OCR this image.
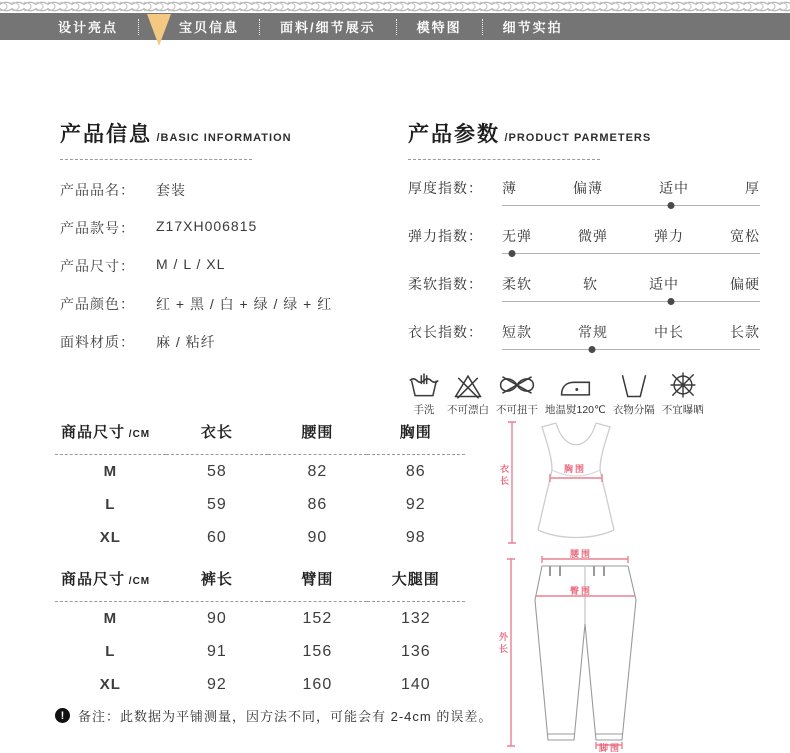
设计亮点	宝贝信息	面料/细节展示	模特图	细节实拍
产品信息 /BASIC INFORMATION
产品品名：	套装
产品款号：	Z17XH006815
产品尺寸：	M / L / XL
产品颜色：	红 + 黑 / 白 + 绿 / 绿 + 红
面料材质：	麻 / 粘纤
产品参数 /PRODUCT PARMETERS
厚度指数：	薄	偏薄	适中	厚
弹力指数：	无弹	微弹	弹力	宽松
柔软指数：	柔软	软	适中	偏硬
衣长指数：	短款	常规	中长	长款
手洗	不可漂白 不可扭干 地温熨120℃ 衣物分隔 不宜曝晒
商品尺寸 /CM	衣长	腰围	胸围
M	58	82	86
L	59	86	92
XL	60	90	98
商品尺寸 /CM	裤长	臂围	大腿围
M	90	152	132
L	91	156	136
XL	92	160	140
衣长	胸围
腰围
臀围
外长
脚围
!	备注：此数据为平铺测量，因方法不同，可能会有 2-4cm 的误差。
